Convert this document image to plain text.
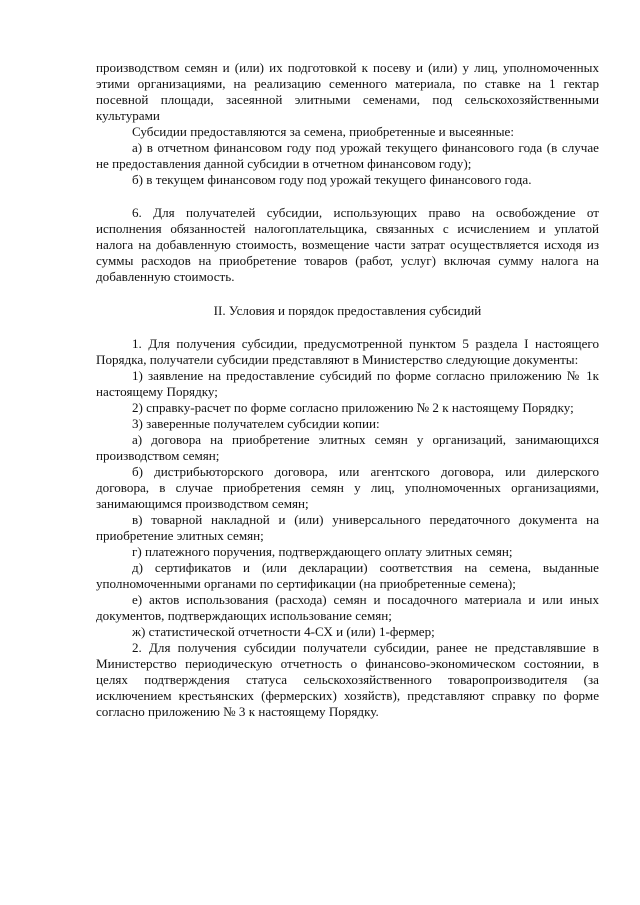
производством семян и (или) их подготовкой к посеву и (или) у лиц, уполномоченных этими организациями, на реализацию семенного материала, по ставке на 1 гектар посевной площади, засеянной элитными семенами, под сельскохозяйственными культурами

Субсидии предоставляются за семена, приобретенные и высеянные:

а) в отчетном финансовом году под урожай текущего финансового года (в случае не предоставления данной субсидии в отчетном финансовом году);

б) в текущем финансовом году под урожай текущего финансового года.

6. Для получателей субсидии, использующих право на освобождение от исполнения обязанностей налогоплательщика, связанных с исчислением и уплатой налога на добавленную стоимость, возмещение части затрат осуществляется исходя из суммы расходов на приобретение товаров (работ, услуг) включая сумму налога на добавленную стоимость.

II. Условия и порядок предоставления субсидий

1. Для получения субсидии, предусмотренной пунктом 5 раздела I настоящего Порядка, получатели субсидии представляют в Министерство следующие документы:

1) заявление на предоставление субсидий по форме согласно приложению № 1к настоящему Порядку;

2) справку-расчет по форме согласно приложению № 2 к настоящему Порядку;

3) заверенные получателем субсидии копии:

а) договора на приобретение элитных семян у организаций, занимающихся производством семян;

б) дистрибьюторского договора, или агентского договора, или дилерского договора, в случае приобретения семян у лиц, уполномоченных организациями, занимающимся производством семян;

в) товарной накладной и (или) универсального передаточного документа на приобретение элитных семян;

г) платежного поручения, подтверждающего оплату элитных семян;

д) сертификатов и (или декларации) соответствия на семена, выданные уполномоченными органами по сертификации (на приобретенные семена);

е) актов использования (расхода) семян и посадочного материала и или иных документов, подтверждающих использование семян;

ж) статистической отчетности 4-СХ и (или) 1-фермер;

2. Для получения субсидии получатели субсидии, ранее не представлявшие в Министерство периодическую отчетность о финансово-экономическом состоянии, в целях подтверждения статуса сельскохозяйственного товаропроизводителя (за исключением крестьянских (фермерских) хозяйств), представляют справку по форме согласно приложению № 3 к настоящему Порядку.
